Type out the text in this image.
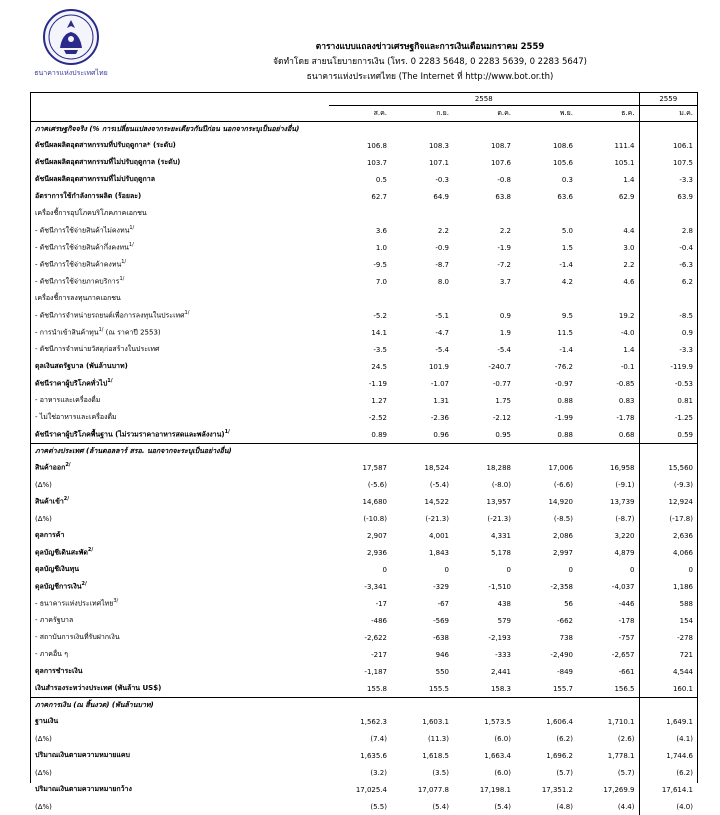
ธนาคารแห่งประเทศไทย
ตารางแบบแถลงข่าวเศรษฐกิจและการเงินเดือนมกราคม 2559
จัดทำโดย สายนโยบายการเงิน (โทร. 0 2283 5648, 0 2283 5639, 0 2283 5647)
ธนาคารแห่งประเทศไทย (The Internet ที่ http://www.bot.or.th)
	2558					2559
	ส.ค.	ก.ย.	ต.ค.	พ.ย.	ธ.ค.	ม.ค.
ภาคเศรษฐกิจจริง (% การเปลี่ยนแปลงจากระยะเดียวกันปีก่อน นอกจากระบุเป็นอย่างอื่น)						
ดัชนีผลผลิตอุตสาหกรรมที่ปรับฤดูกาล* (ระดับ)	106.8	108.3	108.7	108.6	111.4	106.1
ดัชนีผลผลิตอุตสาหกรรมที่ไม่ปรับฤดูกาล (ระดับ)	103.7	107.1	107.6	105.6	105.1	107.5
ดัชนีผลผลิตอุตสาหกรรมที่ไม่ปรับฤดูกาล	0.5	-0.3	-0.8	0.3	1.4	-3.3
อัตราการใช้กำลังการผลิต (ร้อยละ)	62.7	64.9	63.8	63.6	62.9	63.9
เครื่องชี้การอุปโภคบริโภคภาคเอกชน						
- ดัชนีการใช้จ่ายสินค้าไม่คงทน$^{1/}$	3.6	2.2	2.2	5.0	4.4	2.8
- ดัชนีการใช้จ่ายสินค้ากึ่งคงทน$^{1/}$	1.0	-0.9	-1.9	1.5	3.0	-0.4
- ดัชนีการใช้จ่ายสินค้าคงทน$^{1/}$	-9.5	-8.7	-7.2	-1.4	2.2	-6.3
- ดัชนีการใช้จ่ายภาคบริการ$^{1/}$	7.0	8.0	3.7	4.2	4.6	6.2
เครื่องชี้การลงทุนภาคเอกชน						
- ดัชนีการจำหน่ายรถยนต์เพื่อการลงทุนในประเทศ$^{1/}$	-5.2	-5.1	0.9	9.5	19.2	-8.5
- การนำเข้าสินค้าทุน$^{1/}$ (ณ ราคาปี 2553)	14.1	-4.7	1.9	11.5	-4.0	0.9
- ดัชนีการจำหน่ายวัสดุก่อสร้างในประเทศ	-3.5	-5.4	-5.4	-1.4	1.4	-3.3
ดุลเงินสดรัฐบาล (พันล้านบาท)	24.5	101.9	-240.7	-76.2	-0.1	-119.9
ดัชนีราคาผู้บริโภคทั่วไป$^{1/}$	-1.19	-1.07	-0.77	-0.97	-0.85	-0.53
- อาหารและเครื่องดื่ม	1.27	1.31	1.75	0.88	0.83	0.81
- ไม่ใช่อาหารและเครื่องดื่ม	-2.52	-2.36	-2.12	-1.99	-1.78	-1.25
ดัชนีราคาผู้บริโภคพื้นฐาน (ไม่รวมราคาอาหารสดและพลังงาน)$^{1/}$	0.89	0.96	0.95	0.88	0.68	0.59
ภาคต่างประเทศ (ล้านดอลลาร์ สรอ. นอกจากจะระบุเป็นอย่างอื่น)						
สินค้าออก$^{2/}$	17,587	18,524	18,288	17,006	16,958	15,560
(Δ%)	(-5.6)	(-5.4)	(-8.0)	(-6.6)	(-9.1)	(-9.3)
สินค้าเข้า$^{2/}$	14,680	14,522	13,957	14,920	13,739	12,924
(Δ%)	(-10.8)	(-21.3)	(-21.3)	(-8.5)	(-8.7)	(-17.8)
ดุลการค้า	2,907	4,001	4,331	2,086	3,220	2,636
ดุลบัญชีเดินสะพัด$^{2/}$	2,936	1,843	5,178	2,997	4,879	4,066
ดุลบัญชีเงินทุน	0	0	0	0	0	0
ดุลบัญชีการเงิน$^{2/}$	-3,341	-329	-1,510	-2,358	-4,037	1,186
- ธนาคารแห่งประเทศไทย$^{3/}$	-17	-67	438	56	-446	588
- ภาครัฐบาล	-486	-569	579	-662	-178	154
- สถาบันการเงินที่รับฝากเงิน	-2,622	-638	-2,193	738	-757	-278
- ภาคอื่น ๆ	-217	946	-333	-2,490	-2,657	721
ดุลการชำระเงิน	-1,187	550	2,441	-849	-661	4,544
เงินสำรองระหว่างประเทศ (พันล้าน US$)	155.8	155.5	158.3	155.7	156.5	160.1
ภาคการเงิน (ณ สิ้นงวด) (พันล้านบาท)						
ฐานเงิน	1,562.3	1,603.1	1,573.5	1,606.4	1,710.1	1,649.1
(Δ%)	(7.4)	(11.3)	(6.0)	(6.2)	(2.6)	(4.1)
ปริมาณเงินตามความหมายแคบ	1,635.6	1,618.5	1,663.4	1,696.2	1,778.1	1,744.6
(Δ%)	(3.2)	(3.5)	(6.0)	(5.7)	(5.7)	(6.2)
ปริมาณเงินตามความหมายกว้าง	17,025.4	17,077.8	17,198.1	17,351.2	17,269.9	17,614.1
(Δ%)	(5.5)	(5.4)	(5.4)	(4.8)	(4.4)	(4.0)
